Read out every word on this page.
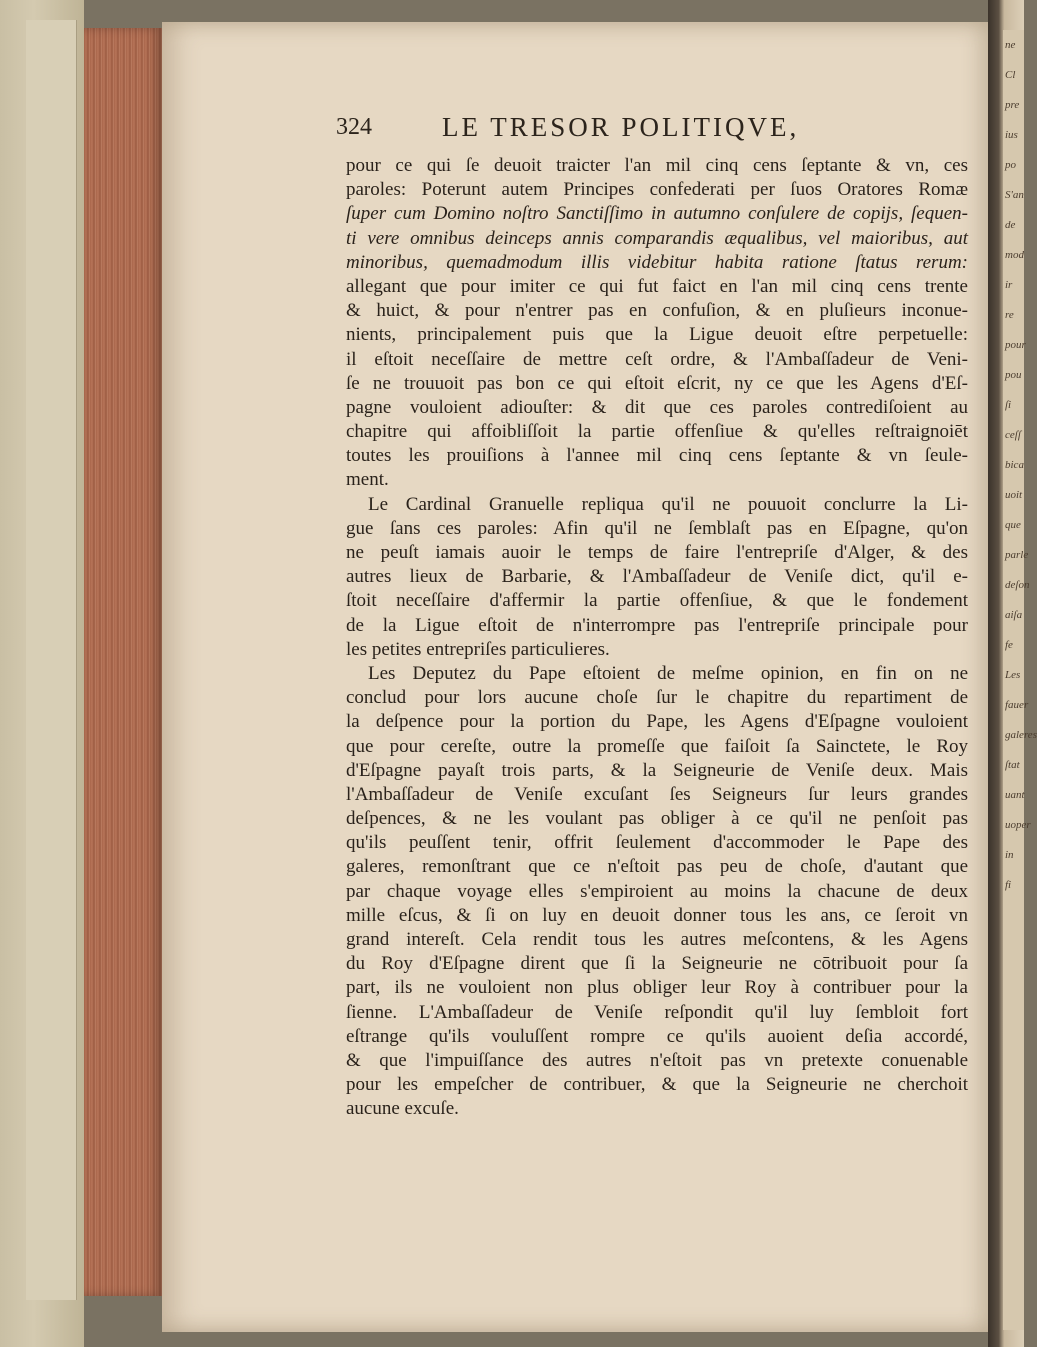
ne
Cl
pre
ius
po
S'an
de
mod
ir
re
pour
pou
ſi
ceſſ
bica
uoit
que
parle
deſon
aiſa
fe
Les
fauer
galeres
ſtat
uant
uoper
in
fi
324	LE TRESOR POLITIQVE,
pour ce qui ſe deuoit traicter l'an mil cinq cens ſeptante & vn, ces
paroles: Poterunt autem Principes confederati per ſuos Oratores Romæ
ſuper cum Domino noſtro Sanctiſſimo in autumno conſulere de copijs, ſequen-
ti vere omnibus deinceps annis comparandis æqualibus, vel maioribus, aut
minoribus, quemadmodum illis videbitur habita ratione ſtatus rerum:
allegant que pour imiter ce qui fut faict en l'an mil cinq cens trente
& huict, & pour n'entrer pas en confuſion, & en pluſieurs inconue-
nients, principalement puis que la Ligue deuoit eſtre perpetuelle:
il eſtoit neceſſaire de mettre ceſt ordre, & l'Ambaſſadeur de Veni-
ſe ne trouuoit pas bon ce qui eſtoit eſcrit, ny ce que les Agens d'Eſ-
pagne vouloient adiouſter: & dit que ces paroles contrediſoient au
chapitre qui affoibliſſoit la partie offenſiue & qu'elles reſtraignoiēt
toutes les prouiſions à l'annee mil cinq cens ſeptante & vn ſeule-
ment.
Le Cardinal Granuelle repliqua qu'il ne pouuoit conclurre la Li-
gue ſans ces paroles: Afin qu'il ne ſemblaſt pas en Eſpagne, qu'on
ne peuſt iamais auoir le temps de faire l'entrepriſe d'Alger, & des
autres lieux de Barbarie, & l'Ambaſſadeur de Veniſe dict, qu'il e-
ſtoit neceſſaire d'affermir la partie offenſiue, & que le fondement
de la Ligue eſtoit de n'interrompre pas l'entrepriſe principale pour
les petites entrepriſes particulieres.
Les Deputez du Pape eſtoient de meſme opinion, en fin on ne
conclud pour lors aucune choſe ſur le chapitre du repartiment de
la deſpence pour la portion du Pape, les Agens d'Eſpagne vouloient
que pour cereſte, outre la promeſſe que faiſoit ſa Sainctete, le Roy
d'Eſpagne payaſt trois parts, & la Seigneurie de Veniſe deux. Mais
l'Ambaſſadeur de Veniſe excuſant ſes Seigneurs ſur leurs grandes
deſpences, & ne les voulant pas obliger à ce qu'il ne penſoit pas
qu'ils peuſſent tenir, offrit ſeulement d'accommoder le Pape des
galeres, remonſtrant que ce n'eſtoit pas peu de choſe, d'autant que
par chaque voyage elles s'empiroient au moins la chacune de deux
mille eſcus, & ſi on luy en deuoit donner tous les ans, ce ſeroit vn
grand intereſt. Cela rendit tous les autres meſcontens, & les Agens
du Roy d'Eſpagne dirent que ſi la Seigneurie ne cōtribuoit pour ſa
part, ils ne vouloient non plus obliger leur Roy à contribuer pour la
ſienne. L'Ambaſſadeur de Veniſe reſpondit qu'il luy ſembloit fort
eſtrange qu'ils vouluſſent rompre ce qu'ils auoient deſia accordé,
& que l'impuiſſance des autres n'eſtoit pas vn pretexte conuenable
pour les empeſcher de contribuer, & que la Seigneurie ne cherchoit
aucune excuſe.
